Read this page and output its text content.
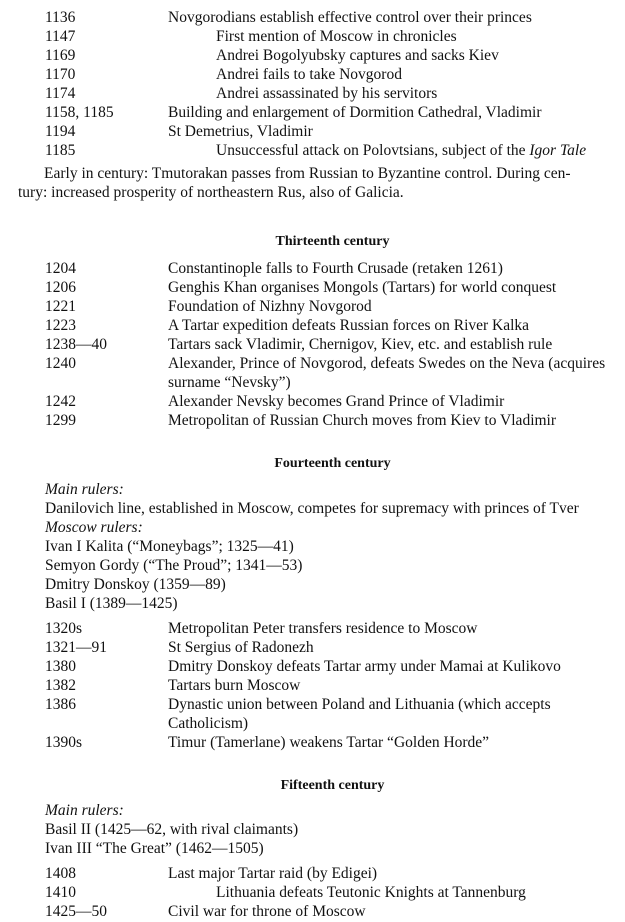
1136	Novgorodians establish effective control over their princes
1147	First mention of Moscow in chronicles
1169	Andrei Bogolyubsky captures and sacks Kiev
1170	Andrei fails to take Novgorod
1174	Andrei assassinated by his servitors
1158, 1185	Building and enlargement of Dormition Cathedral, Vladimir
1194	St Demetrius, Vladimir
1185	Unsuccessful attack on Polovtsians, subject of the Igor Tale
Early in century: Tmutorakan passes from Russian to Byzantine control. During cen-
tury: increased prosperity of northeastern Rus, also of Galicia.
Thirteenth century
1204	Constantinople falls to Fourth Crusade (retaken 1261)
1206	Genghis Khan organises Mongols (Tartars) for world conquest
1221	Foundation of Nizhny Novgorod
1223	A Tartar expedition defeats Russian forces on River Kalka
1238—40	Tartars sack Vladimir, Chernigov, Kiev, etc. and establish rule
1240	Alexander, Prince of Novgorod, defeats Swedes on the Neva (acquires
surname “Nevsky”)
1242	Alexander Nevsky becomes Grand Prince of Vladimir
1299	Metropolitan of Russian Church moves from Kiev to Vladimir
Fourteenth century
Main rulers:
Danilovich line, established in Moscow, competes for supremacy with princes of Tver
Moscow rulers:
Ivan I Kalita (“Moneybags”; 1325—41)
Semyon Gordy (“The Proud”; 1341—53)
Dmitry Donskoy (1359—89)
Basil I (1389—1425)
1320s	Metropolitan Peter transfers residence to Moscow
1321—91	St Sergius of Radonezh
1380	Dmitry Donskoy defeats Tartar army under Mamai at Kulikovo
1382	Tartars burn Moscow
1386	Dynastic union between Poland and Lithuania (which accepts
Catholicism)
1390s	Timur (Tamerlane) weakens Tartar “Golden Horde”
Fifteenth century
Main rulers:
Basil II (1425—62, with rival claimants)
Ivan III “The Great” (1462—1505)
1408	Last major Tartar raid (by Edigei)
1410	Lithuania defeats Teutonic Knights at Tannenburg
1425—50	Civil war for throne of Moscow
